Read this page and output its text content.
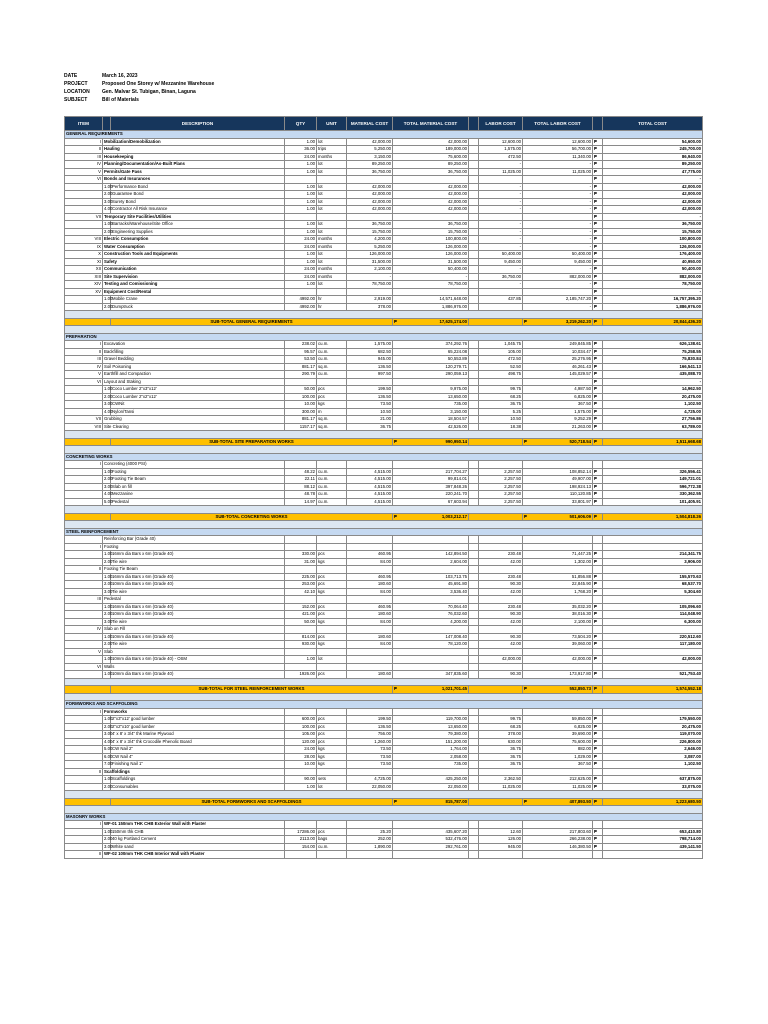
DATE	March 16, 2023
PROJECT	Proposed One Storey w/ Mezzanine Warehouse
LOCATION	Gen. Malvar St. Tubigan, Binan, Laguna
SUBJECT	Bill of Materials
ITEM		DESCRIPTION	QTY	UNIT	MATERIAL COST	TOTAL MATERIAL COST		LABOR COST	TOTAL LABOR COST		TOTAL COST
GENERAL REQUIREMENTS											
I	Mobilization/Demobilization		1.00	lot	42,000.00	42,000.00		12,600.00	12,600.00	₱	54,600.00
II	Hauling		36.00	trips	5,250.00	189,000.00		1,575.00	56,700.00	₱	245,700.00
III	Housekeeping		24.00	months	3,150.00	75,600.00		472.50	11,340.00	₱	86,940.00
IV	Planning/Documentation/As-Built Plans		1.00	lot	89,250.00	89,250.00		-	-	₱	89,250.00
V	Permits/Gate Pass		1.00	lot	36,750.00	36,750.00		11,025.00	11,025.00	₱	47,775.00
VI	Bonds and Insurances									₱	-
	1.00	Performance Bond	1.00	lot	42,000.00	42,000.00		-	-	₱	42,000.00
	2.00	Guarantee Bond	1.00	lot	42,000.00	42,000.00		-	-	₱	42,000.00
	3.00	Surety Bond	1.00	lot	42,000.00	42,000.00		-	-	₱	42,000.00
	4.00	Contractor All Risk Insurance	1.00	lot	42,000.00	42,000.00		-	-	₱	42,000.00
VII	Temporary Site Facilities/Utilities									₱	-
	1.00	Barracks/Warehouse/Site Office	1.00	lot	36,750.00	36,750.00		-	-	₱	36,750.00
	2.00	Engineering Supplies	1.00	lot	15,750.00	15,750.00		-	-	₱	15,750.00
VIII	Electric Consumption		24.00	months	4,200.00	100,800.00		-	-	₱	100,800.00
IX	Water Consumption		24.00	months	5,250.00	126,000.00		-	-	₱	126,000.00
X	Construction Tools and Equipments		1.00	lot	126,000.00	126,000.00		50,400.00	50,400.00	₱	176,400.00
XI	Safety		1.00	lot	31,500.00	31,500.00		9,450.00	9,450.00	₱	40,950.00
XII	Communication		24.00	months	2,100.00	50,400.00		-	-	₱	50,400.00
XIII	Site Supervision		24.00	months	-	-		36,750.00	882,000.00	₱	882,000.00
XIV	Testing and Comissioning		1.00	lot	78,750.00	78,750.00		-	-	₱	78,750.00
XV	Equipment Cost/Rental									₱	-
	1.00	Mobile Crane	4992.00	hr	2,919.00	14,571,648.00		437.85	2,185,747.20	₱	16,757,395.20
	2.00	Dumptruck	4992.00	hr	378.00	1,886,976.00			-	₱	1,886,976.00

		SUB-TOTAL GENERAL REQUIREMENTS				₱ 17,625,174.00			₱ 3,219,262.20	₱	20,844,436.20

PREPARATION											
I	Excavation		238.02	cu.m.	1,575.00	374,292.76		1,045.75	249,845.85	₱	626,138.61
II	Backfilling		95.57	cu.m.	682.50	65,224.08		105.00	10,034.47	₱	75,258.55
III	Gravel Bedding		53.50	cu.m.	945.00	50,553.89		472.50	25,276.95	₱	75,830.84
IV	Soil Poisoning		881.17	sq.m.	136.50	120,279.71		52.50	46,261.43	₱	166,541.13
V	Earthfill and Compaction		290.79	cu.m.	997.50	290,059.13		498.75	145,029.57	₱	435,088.70
VI	Layout and Staking									₱	-
	1.00	Coco Lumber 2"x3"x12'	50.00	pcs	199.50	9,975.00		99.75	4,987.50	₱	14,962.50
	2.00	Coco Lumber 2"x2"x12'	100.00	pcs	136.50	13,650.00		68.25	6,825.00	₱	20,475.00
	3.00	CWNit	10.00	kgs	73.50	735.00		36.75	367.50	₱	1,102.50
	4.00	Nylon/Tansi	300.00	m	10.50	3,150.00		5.25	1,575.00	₱	4,725.00
VII	Grubbing		881.17	sq.m.	21.00	18,504.57		10.50	9,252.29	₱	27,756.86
VIII	Site Clearing		1157.17	sq.m.	36.75	42,526.00		18.38	21,263.00	₱	63,789.00

		SUB-TOTAL SITE PREPARATION WORKS				₱ 990,950.14			₱ 520,718.54	₱	1,511,668.68

CONCRETING WORKS											
I	Concreting (4000 PSI)										
	1.00	Footing	48.22	cu.m.	4,515.00	217,704.27		2,257.50	108,852.14	₱	326,556.41
	2.00	Footing Tie Beam	22.11	cu.m.	4,515.00	99,814.01		2,257.50	49,907.00	₱	149,721.01
	3.00	Slab on fill	88.12	cu.m.	4,515.00	397,848.26		2,257.50	198,924.13	₱	596,772.38
	4.00	Mezzanine	48.78	cu.m.	4,515.00	220,241.70		2,257.50	110,120.85	₱	330,362.55
	5.00	Pedestal	14.97	cu.m.	4,515.00	67,603.94		2,257.50	33,801.97	₱	101,405.91

		SUB-TOTAL CONCRETING WORKS				₱ 1,003,212.17			₱ 501,606.09	₱	1,504,818.26

STEEL REINFORCEMENT											
	Reinforcing Bar (Grade 40)										
I	Footing										
	1.00	16mm dia Bars x 6m (Grade 40)	330.00	pcs	460.95	142,894.50		230.48	71,447.25	₱	214,341.75
	2.00	Tie wire	31.00	kgs	84.00	2,604.00		42.00	1,302.00	₱	3,906.00
II	Footing Tie Beam										
	1.00	16mm dia Bars x 6m (Grade 40)	225.00	pcs	460.95	103,713.75		230.48	51,856.88	₱	155,570.63
	2.00	10mm dia Bars x 6m (Grade 40)	253.00	pcs	180.60	45,691.80		90.30	22,845.90	₱	68,537.70
	3.00	Tie wire	42.10	kgs	84.00	3,536.40		42.00	1,768.20	₱	5,304.60
III	Pedestal										
	1.00	16mm dia Bars x 6m (Grade 40)	152.00	pcs	460.95	70,064.40		230.48	35,032.20	₱	105,096.60
	2.00	10mm dia Bars x 6m (Grade 40)	421.00	pcs	180.60	76,032.60		90.30	38,016.30	₱	114,048.90
	3.00	Tie wire	50.00	kgs	84.00	4,200.00		42.00	2,100.00	₱	6,300.00
IV	Slab on Fill										
	1.00	10mm dia Bars x 6m (Grade 40)	814.00	pcs	180.60	147,008.40		90.30	73,504.20	₱	220,512.60
	2.00	Tie wire	930.00	kgs	84.00	78,120.00		42.00	39,060.00	₱	117,180.00
V	Slab										
	1.00	10mm dia Bars x 6m (Grade 40) - OSM	1.00	lot				42,000.00	42,000.00	₱	42,000.00
VI	Walls										
	1.00	10mm dia Bars x 6m (Grade 40)	1926.00	pcs	180.60	347,835.60		90.30	173,917.80	₱	521,753.40

		SUB-TOTAL FOR STEEL REINFORCEMENT WORKS				₱ 1,021,701.45			₱ 552,850.73	₱	1,574,552.18

FORMWORKS AND SCAFFOLDING											
I	Formworks										
	1.00	2"x3"x12' good lumber	600.00	pcs	199.50	119,700.00		99.75	59,850.00	₱	179,550.00
	2.00	2"x2"x10' good lumber	100.00	pcs	136.50	13,650.00		68.25	6,825.00	₱	20,475.00
	3.00	4' x 8' x 3/4" thk Marine Plywood	105.00	pcs	756.00	79,380.00		378.00	39,690.00	₱	119,070.00
	4.00	4' x 8' x 3/4" thk Crocodile Phenolic Board	120.00	pcs	1,260.00	151,200.00		630.00	75,600.00	₱	226,800.00
	5.00	CW Nail 2"	24.00	kgs	73.50	1,764.00		36.75	882.00	₱	2,646.00
	6.00	CW Nail 4"	28.00	kgs	73.50	2,058.00		36.75	1,029.00	₱	3,087.00
	7.00	Finishing Nail 1"	10.00	kgs	73.50	735.00		36.75	367.50	₱	1,102.50
II	Scaffoldings										
	1.00	Scaffoldings	90.00	sets	4,725.00	425,250.00		2,362.50	212,625.00	₱	637,875.00
	2.00	Consumables	1.00	lot	22,050.00	22,050.00		11,025.00	11,025.00	₱	33,075.00

		SUB-TOTAL FORMWORKS AND SCAFFOLDINGS				₱ 815,787.00			₱ 407,893.50	₱	1,223,680.50

MASONRY WORKS											
I	WF-01 150mm THK CHB Exterior Wall with Plaster										
	1.00	150mm thk CHB	17286.00	pcs	25.20	435,607.20		12.60	217,803.60	₱	653,410.80
	2.00	40 kg Portland Cement	2113.00	bags	252.00	532,476.00		126.00	266,238.00	₱	798,714.00
	3.00	White sand	154.00	cu.m.	1,890.00	292,761.00		945.00	146,380.50	₱	439,141.50
II	WF-02 100mm THK CHB Interior Wall with Plaster										
